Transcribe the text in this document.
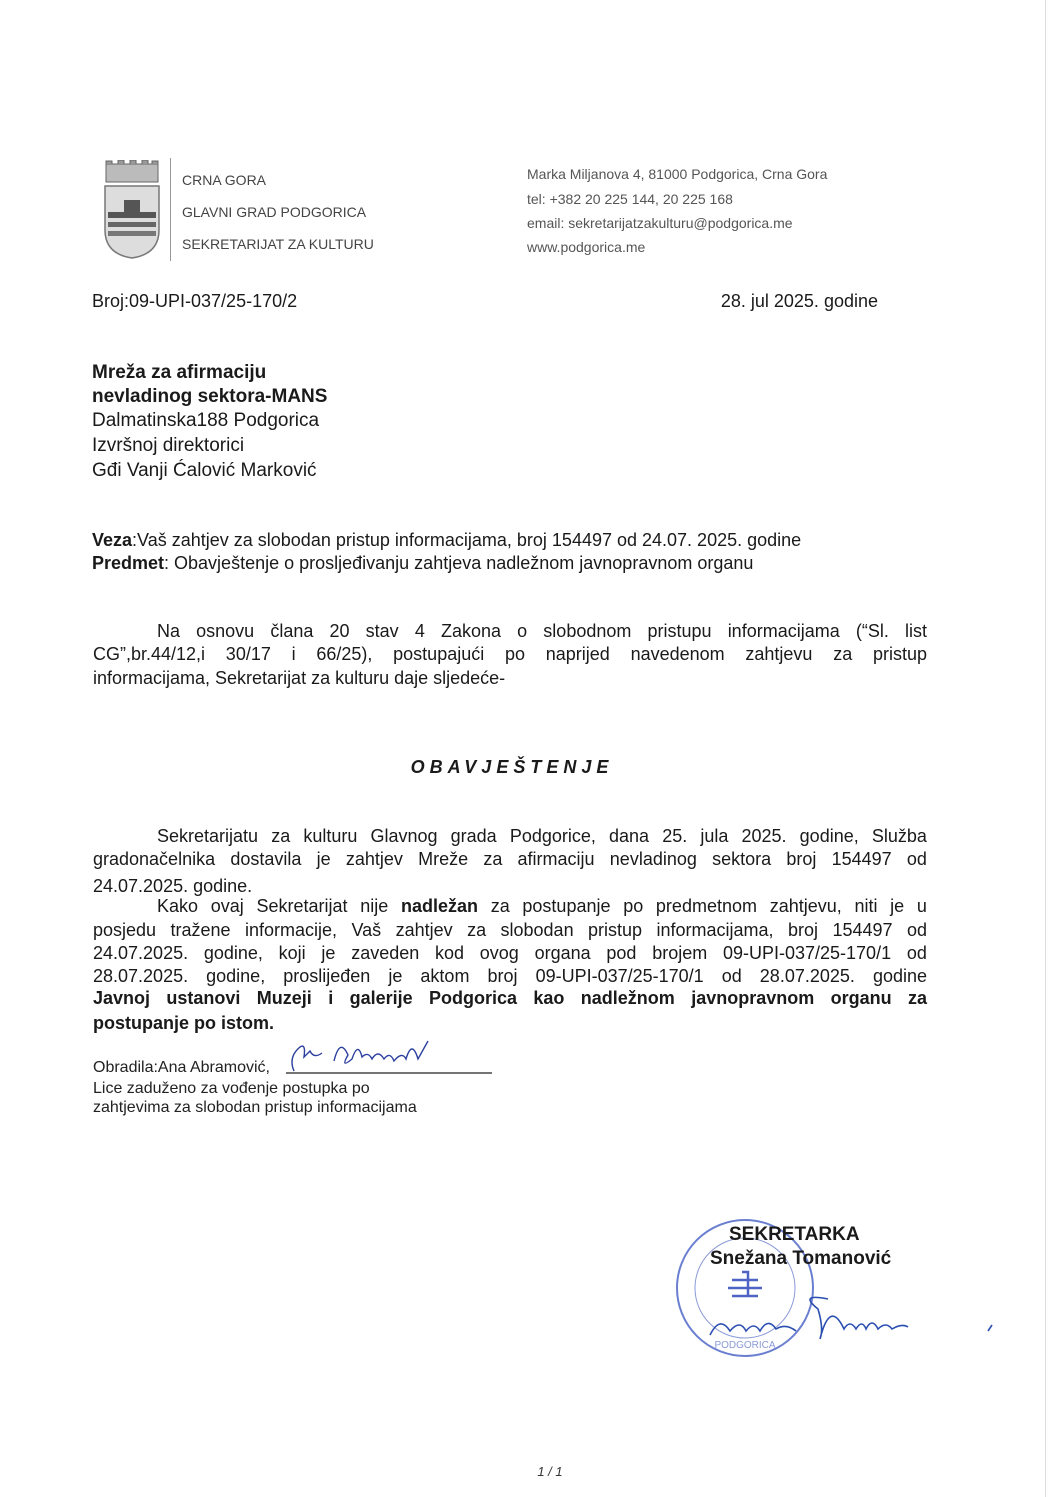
CRNA GORA
GLAVNI GRAD PODGORICA
SEKRETARIJAT ZA KULTURU
Marka Miljanova 4, 81000 Podgorica, Crna Gora
tel: +382 20 225 144, 20 225 168
email: sekretarijatzakulturu@podgorica.me
www.podgorica.me
Broj:09-UPI-037/25-170/2	28. jul 2025. godine
Mreža za afirmaciju
nevladinog sektora-MANS
Dalmatinska188 Podgorica
Izvršnoj direktorici
Gđi Vanji Ćalović Marković
Veza:Vaš zahtjev za slobodan pristup informacijama, broj 154497 od 24.07. 2025. godine
Predmet: Obavještenje o prosljeđivanju zahtjeva nadležnom javnopravnom organu
Na osnovu člana 20 stav 4 Zakona o slobodnom pristupu informacijama (“Sl. list
CG”,br.44/12,i 30/17 i 66/25), postupajući po naprijed navedenom zahtjevu za pristup
informacijama, Sekretarijat za kulturu daje sljedeće-
OBAVJEŠTENJE
Sekretarijatu za kulturu Glavnog grada Podgorice, dana 25. jula 2025. godine, Služba
gradonačelnika dostavila je zahtjev Mreže za afirmaciju nevladinog sektora broj 154497 od
24.07.2025. godine.
Kako ovaj Sekretarijat nije nadležan za postupanje po predmetnom zahtjevu, niti je u
posjedu tražene informacije, Vaš zahtjev za slobodan pristup informacijama, broj 154497 od
24.07.2025. godine, koji je zaveden kod ovog organa pod brojem 09-UPI-037/25-170/1 od
28.07.2025. godine, proslijeđen je aktom broj 09-UPI-037/25-170/1 od 28.07.2025. godine
Javnoj ustanovi Muzeji i galerije Podgorica kao nadležnom javnopravnom organu za
postupanje po istom.
Obradila:Ana Abramović,
Lice zaduženo za vođenje postupka po
zahtjevima za slobodan pristup informacijama
PODGORICA
SEKRETARKA
Snežana Tomanović
1 / 1
